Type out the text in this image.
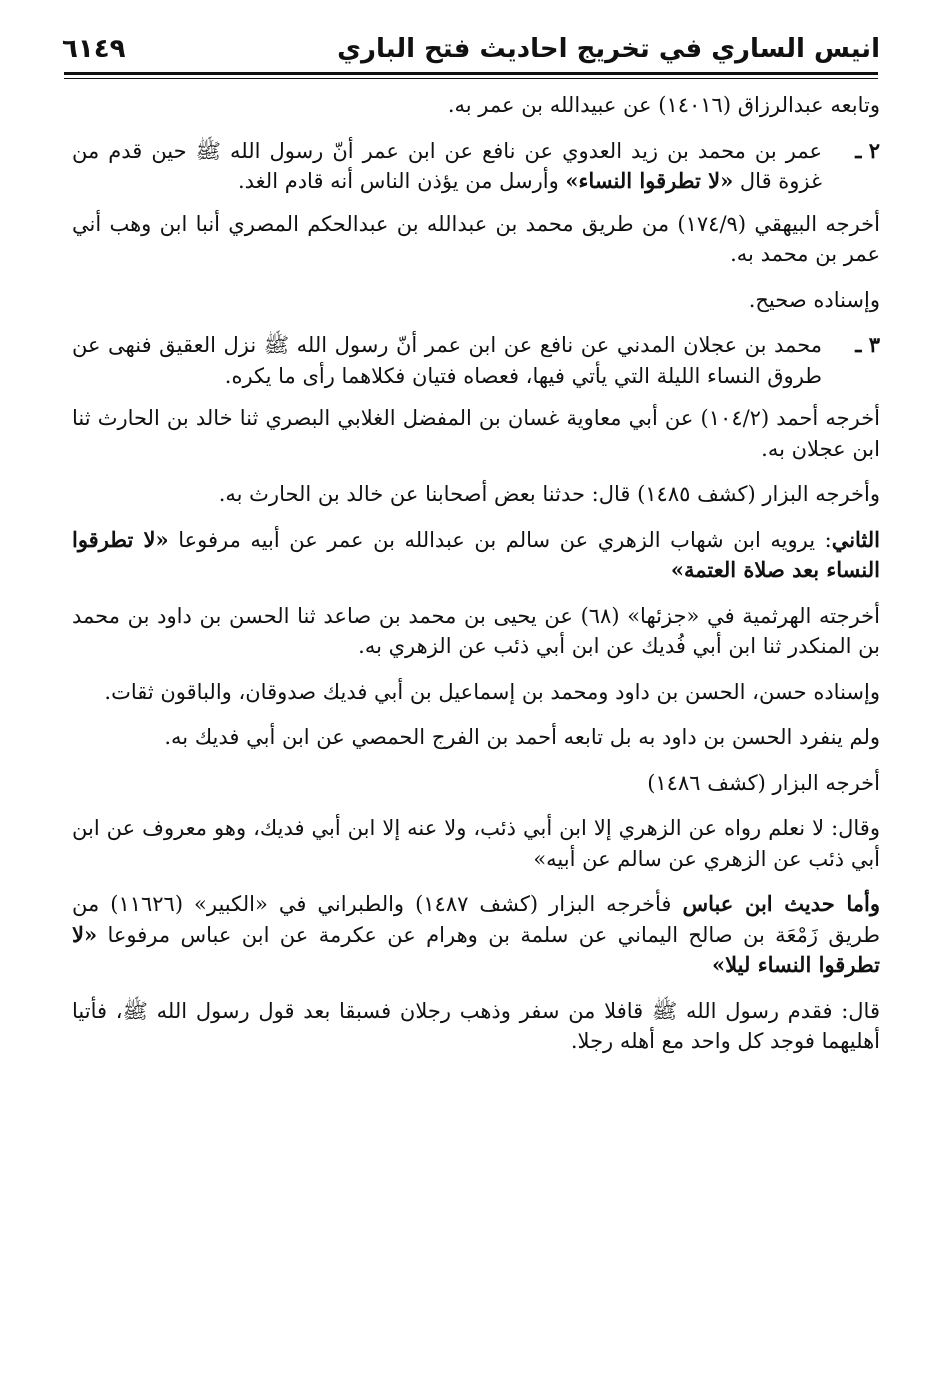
انيس الساري في تخريج احاديث فتح الباري
٦١٤٩

وتابعه عبدالرزاق (١٤٠١٦) عن عبيدالله بن عمر به.

٢ ـ
عمر بن محمد بن زيد العدوي عن نافع عن ابن عمر أنّ رسول الله ﷺ حين قدم من غزوة قال «لا تطرقوا النساء» وأرسل من يؤذن الناس أنه قادم الغد.

أخرجه البيهقي (١٧٤/٩) من طريق محمد بن عبدالله بن عبدالحكم المصري أنبا ابن وهب أني عمر بن محمد به.

وإسناده صحيح.

٣ ـ
محمد بن عجلان المدني عن نافع عن ابن عمر أنّ رسول الله ﷺ نزل العقيق فنهى عن طروق النساء الليلة التي يأتي فيها، فعصاه فتيان فكلاهما رأى ما يكره.

أخرجه أحمد (١٠٤/٢) عن أبي معاوية غسان بن المفضل الغلابي البصري ثنا خالد بن الحارث ثنا ابن عجلان به.

وأخرجه البزار (كشف ١٤٨٥) قال: حدثنا بعض أصحابنا عن خالد بن الحارث به.

الثاني: يرويه ابن شهاب الزهري عن سالم بن عبدالله بن عمر عن أبيه مرفوعا «لا تطرقوا النساء بعد صلاة العتمة»

أخرجته الهرثمية في «جزئها» (٦٨) عن يحيى بن محمد بن صاعد ثنا الحسن بن داود بن محمد بن المنكدر ثنا ابن أبي فُديك عن ابن أبي ذئب عن الزهري به.

وإسناده حسن، الحسن بن داود ومحمد بن إسماعيل بن أبي فديك صدوقان، والباقون ثقات.

ولم ينفرد الحسن بن داود به بل تابعه أحمد بن الفرج الحمصي عن ابن أبي فديك به.

أخرجه البزار (كشف ١٤٨٦)

وقال: لا نعلم رواه عن الزهري إلا ابن أبي ذئب، ولا عنه إلا ابن أبي فديك، وهو معروف عن ابن أبي ذئب عن الزهري عن سالم عن أبيه»

وأما حديث ابن عباس فأخرجه البزار (كشف ١٤٨٧) والطبراني في «الكبير» (١١٦٢٦) من طريق زَمْعَة بن صالح اليماني عن سلمة بن وهرام عن عكرمة عن ابن عباس مرفوعا «لا تطرقوا النساء ليلا»

قال: فقدم رسول الله ﷺ قافلا من سفر وذهب رجلان فسبقا بعد قول رسول الله ﷺ، فأتيا أهليهما فوجد كل واحد مع أهله رجلا.
